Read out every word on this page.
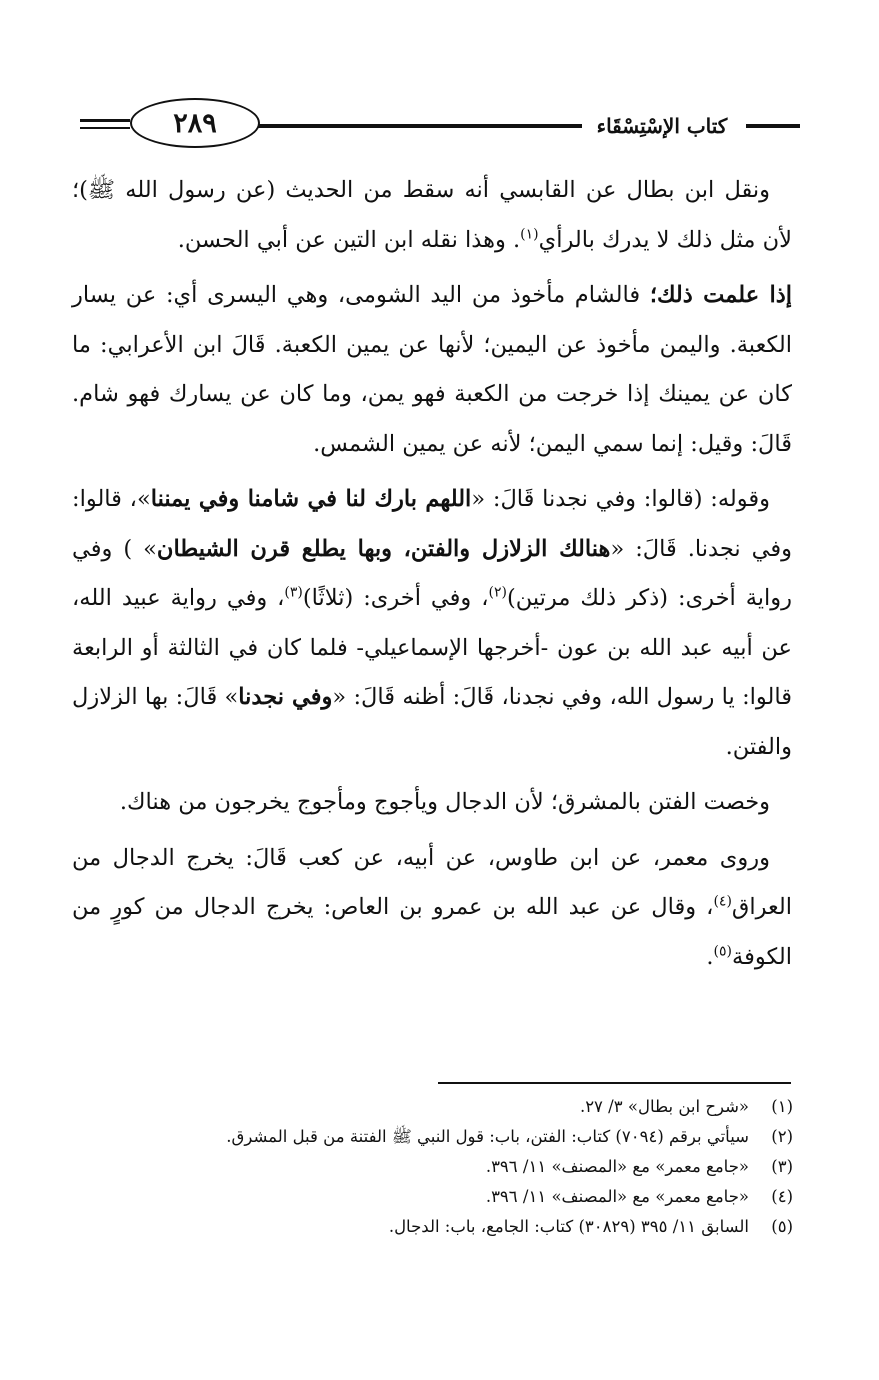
٢٨٩	كتاب الإسْتِسْقَاء

ونقل ابن بطال عن القابسي أنه سقط من الحديث (عن رسول الله ﷺ)؛ لأن مثل ذلك لا يدرك بالرأي$^{(١)}$. وهذا نقله ابن التين عن أبي الحسن.

إذا علمت ذلك؛ فالشام مأخوذ من اليد الشومى، وهي اليسرى أي: عن يسار الكعبة. واليمن مأخوذ عن اليمين؛ لأنها عن يمين الكعبة. قَالَ ابن الأعرابي: ما كان عن يمينك إذا خرجت من الكعبة فهو يمن، وما كان عن يسارك فهو شام. قَالَ: وقيل: إنما سمي اليمن؛ لأنه عن يمين الشمس.

وقوله: (قالوا: وفي نجدنا قَالَ: «اللهم بارك لنا في شامنا وفي يمننا»، قالوا: وفي نجدنا. قَالَ: «هنالك الزلازل والفتن، وبها يطلع قرن الشيطان» ) وفي رواية أخرى: (ذكر ذلك مرتين)$^{(٢)}$، وفي أخرى: (ثلاثًا)$^{(٣)}$، وفي رواية عبيد الله، عن أبيه عبد الله بن عون -أخرجها الإسماعيلي- فلما كان في الثالثة أو الرابعة قالوا: يا رسول الله، وفي نجدنا، قَالَ: أظنه قَالَ: «وفي نجدنا» قَالَ: بها الزلازل والفتن.

وخصت الفتن بالمشرق؛ لأن الدجال ويأجوج ومأجوج يخرجون من هناك.

وروى معمر، عن ابن طاوس، عن أبيه، عن كعب قَالَ: يخرج الدجال من العراق$^{(٤)}$، وقال عن عبد الله بن عمرو بن العاص: يخرج الدجال من كورٍ من الكوفة$^{(٥)}$.

(١)
«شرح ابن بطال» ٣/ ٢٧.
(٢)
سيأتي برقم (٧٠٩٤) كتاب: الفتن، باب: قول النبي ﷺ الفتنة من قبل المشرق.
(٣)
«جامع معمر» مع «المصنف» ١١/ ٣٩٦.
(٤)
«جامع معمر» مع «المصنف» ١١/ ٣٩٦.
(٥)
السابق ١١/ ٣٩٥ (٣٠٨٢٩) كتاب: الجامع، باب: الدجال.
